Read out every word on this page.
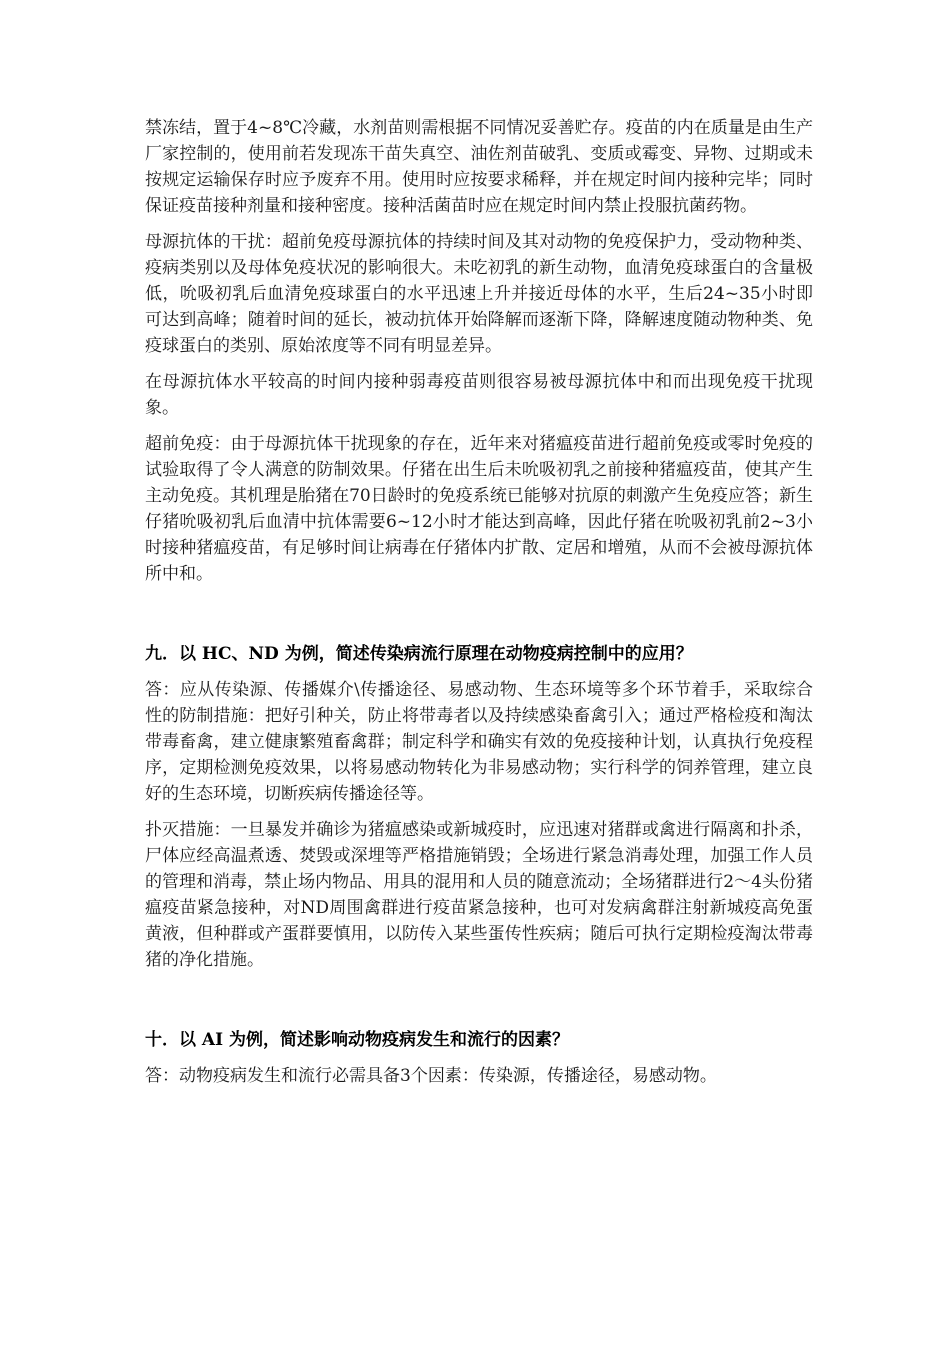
禁冻结，置于4~8℃冷藏，水剂苗则需根据不同情况妥善贮存。疫苗的内在质量是由生产厂家控制的，使用前若发现冻干苗失真空、油佐剂苗破乳、变质或霉变、异物、过期或未按规定运输保存时应予废弃不用。使用时应按要求稀释，并在规定时间内接种完毕；同时保证疫苗接种剂量和接种密度。接种活菌苗时应在规定时间内禁止投服抗菌药物。

母源抗体的干扰：超前免疫母源抗体的持续时间及其对动物的免疫保护力，受动物种类、疫病类别以及母体免疫状况的影响很大。未吃初乳的新生动物，血清免疫球蛋白的含量极低，吮吸初乳后血清免疫球蛋白的水平迅速上升并接近母体的水平，生后24~35小时即可达到高峰；随着时间的延长，被动抗体开始降解而逐渐下降，降解速度随动物种类、免疫球蛋白的类别、原始浓度等不同有明显差异。

在母源抗体水平较高的时间内接种弱毒疫苗则很容易被母源抗体中和而出现免疫干扰现象。

超前免疫：由于母源抗体干扰现象的存在，近年来对猪瘟疫苗进行超前免疫或零时免疫的试验取得了令人满意的防制效果。仔猪在出生后未吮吸初乳之前接种猪瘟疫苗，使其产生主动免疫。其机理是胎猪在70日龄时的免疫系统已能够对抗原的刺激产生免疫应答；新生仔猪吮吸初乳后血清中抗体需要6~12小时才能达到高峰，因此仔猪在吮吸初乳前2~3小时接种猪瘟疫苗，有足够时间让病毒在仔猪体内扩散、定居和增殖，从而不会被母源抗体所中和。

九．以 HC、ND 为例，简述传染病流行原理在动物疫病控制中的应用？

答：应从传染源、传播媒介\传播途径、易感动物、生态环境等多个环节着手，采取综合性的防制措施：把好引种关，防止将带毒者以及持续感染畜禽引入；通过严格检疫和淘汰带毒畜禽，建立健康繁殖畜禽群；制定科学和确实有效的免疫接种计划，认真执行免疫程序，定期检测免疫效果，以将易感动物转化为非易感动物；实行科学的饲养管理，建立良好的生态环境，切断疾病传播途径等。

扑灭措施：一旦暴发并确诊为猪瘟感染或新城疫时，应迅速对猪群或禽进行隔离和扑杀，尸体应经高温煮透、焚毁或深埋等严格措施销毁；全场进行紧急消毒处理，加强工作人员的管理和消毒，禁止场内物品、用具的混用和人员的随意流动；全场猪群进行2～4头份猪瘟疫苗紧急接种，对ND周围禽群进行疫苗紧急接种，也可对发病禽群注射新城疫高免蛋黄液，但种群或产蛋群要慎用，以防传入某些蛋传性疾病；随后可执行定期检疫淘汰带毒猪的净化措施。

十．以 AI 为例，简述影响动物疫病发生和流行的因素？

答：动物疫病发生和流行必需具备3个因素：传染源，传播途径，易感动物。
